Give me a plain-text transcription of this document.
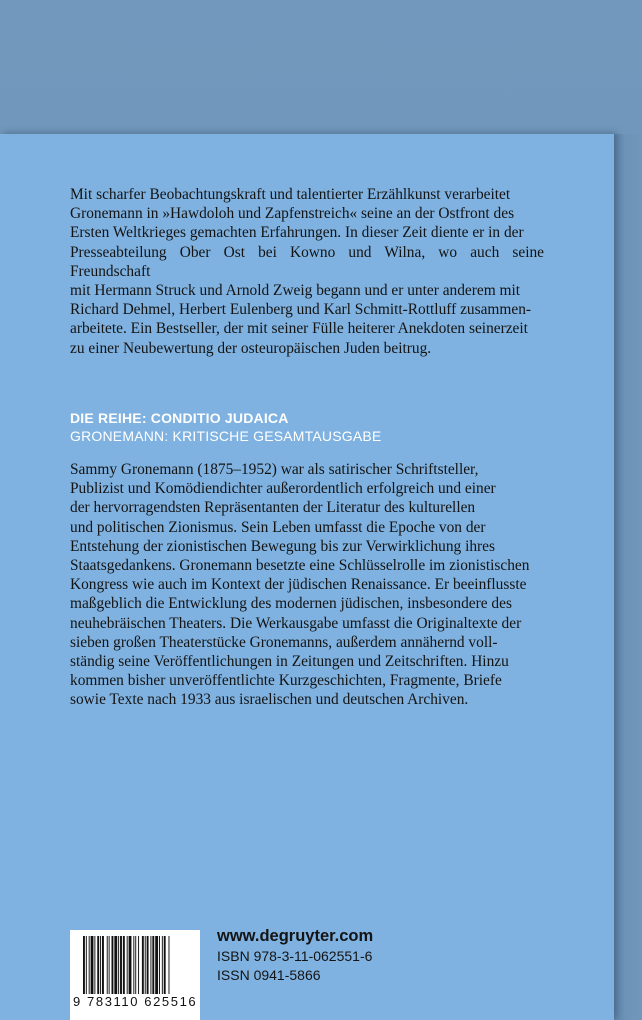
Mit scharfer Beobachtungskraft und talentierter Erzählkunst verarbeitet
Gronemann in »Hawdoloh und Zapfenstreich« seine an der Ostfront des
Ersten Weltkrieges gemachten Erfahrungen. In dieser Zeit diente er in der
Presseabteilung Ober Ost bei Kowno und Wilna, wo auch seine Freundschaft
mit Hermann Struck und Arnold Zweig begann und er unter anderem mit
Richard Dehmel, Herbert Eulenberg und Karl Schmitt-Rottluff zusammen-
arbeitete. Ein Bestseller, der mit seiner Fülle heiterer Anekdoten seinerzeit
zu einer Neubewertung der osteuropäischen Juden beitrug.
DIE REIHE: CONDITIO JUDAICA
GRONEMANN: KRITISCHE GESAMTAUSGABE
Sammy Gronemann (1875–1952) war als satirischer Schriftsteller,
Publizist und Komödiendichter außerordentlich erfolgreich und einer
der hervorragendsten Repräsentanten der Literatur des kulturellen
und politischen Zionismus. Sein Leben umfasst die Epoche von der
Entstehung der zionistischen Bewegung bis zur Verwirklichung ihres
Staatsgedankens. Gronemann besetzte eine Schlüsselrolle im zionistischen
Kongress wie auch im Kontext der jüdischen Renaissance. Er beeinflusste
maßgeblich die Entwicklung des modernen jüdischen, insbesondere des
neuhebräischen Theaters. Die Werkausgabe umfasst die Originaltexte der
sieben großen Theaterstücke Gronemanns, außerdem annähernd voll-
ständig seine Veröffentlichungen in Zeitungen und Zeitschriften. Hinzu
kommen bisher unveröffentlichte Kurzgeschichten, Fragmente, Briefe
sowie Texte nach 1933 aus israelischen und deutschen Archiven.
9 783110 625516
www.degruyter.com
ISBN 978-3-11-062551-6
ISSN 0941-5866
